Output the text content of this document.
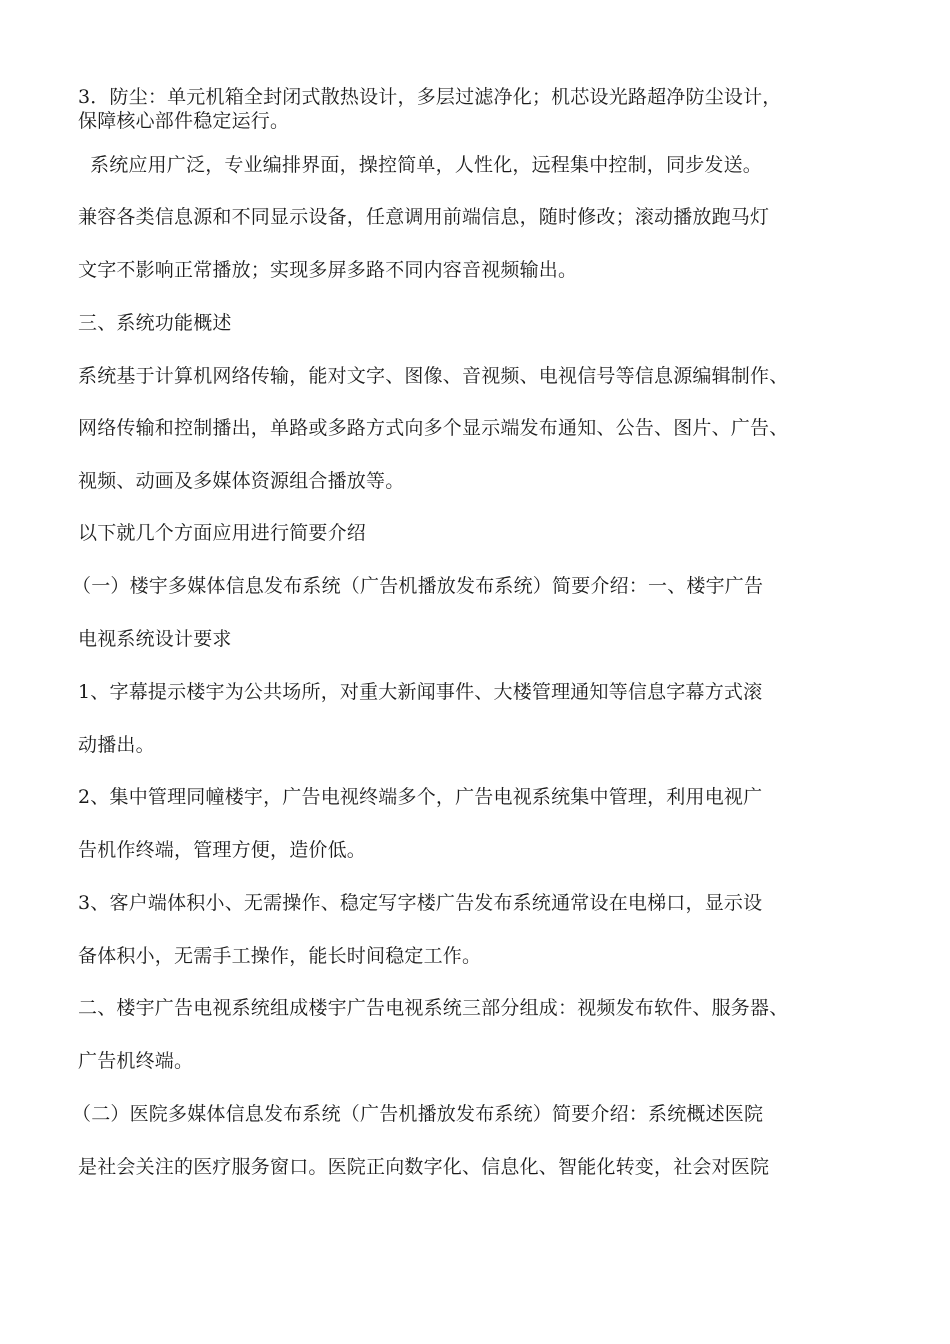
3．防尘：单元机箱全封闭式散热设计，多层过滤净化；机芯设光路超净防尘设计，

保障核心部件稳定运行。

系统应用广泛，专业编排界面，操控简单，人性化，远程集中控制，同步发送。

兼容各类信息源和不同显示设备，任意调用前端信息，随时修改；滚动播放跑马灯

文字不影响正常播放；实现多屏多路不同内容音视频输出。

三、系统功能概述

系统基于计算机网络传输，能对文字、图像、音视频、电视信号等信息源编辑制作、

网络传输和控制播出，单路或多路方式向多个显示端发布通知、公告、图片、广告、

视频、动画及多媒体资源组合播放等。

以下就几个方面应用进行简要介绍

（一）楼宇多媒体信息发布系统（广告机播放发布系统）简要介绍：一、楼宇广告

电视系统设计要求

1、字幕提示楼宇为公共场所，对重大新闻事件、大楼管理通知等信息字幕方式滚

动播出。

2、集中管理同幢楼宇，广告电视终端多个，广告电视系统集中管理，利用电视广

告机作终端，管理方便，造价低。

3、客户端体积小、无需操作、稳定写字楼广告发布系统通常设在电梯口，显示设

备体积小，无需手工操作，能长时间稳定工作。

二、楼宇广告电视系统组成楼宇广告电视系统三部分组成：视频发布软件、服务器、

广告机终端。

（二）医院多媒体信息发布系统（广告机播放发布系统）简要介绍：系统概述医院

是社会关注的医疗服务窗口。医院正向数字化、信息化、智能化转变，社会对医院
